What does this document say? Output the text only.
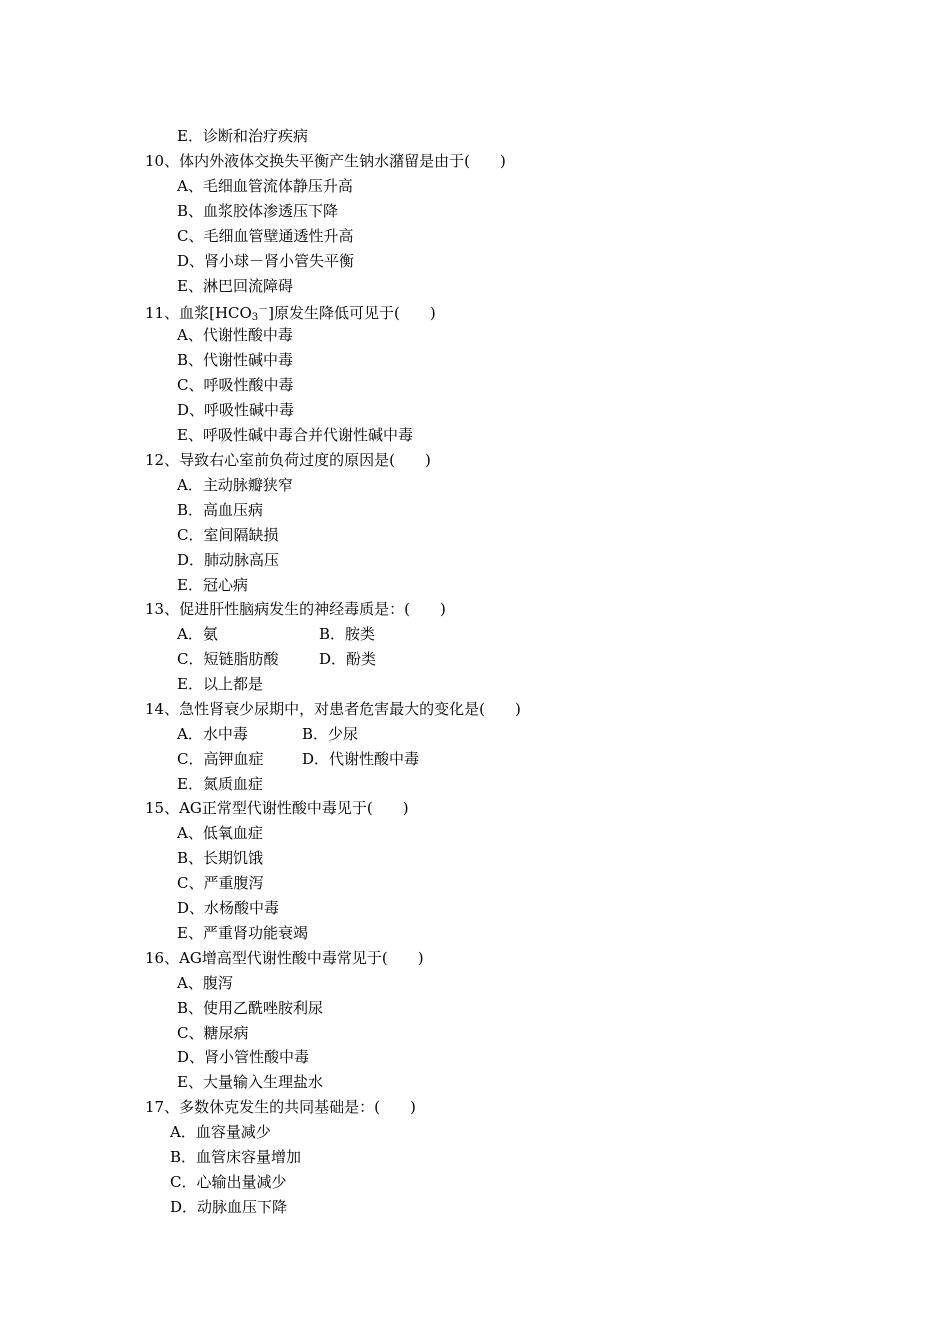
E．诊断和治疗疾病
10、体内外液体交换失平衡产生钠水潴留是由于(　　)
A、毛细血管流体静压升高
B、血浆胶体渗透压下降
C、毛细血管壁通透性升高
D、肾小球－肾小管失平衡
E、淋巴回流障碍
11、血浆$[HCO_3^-]$原发生降低可见于(　　)
A、代谢性酸中毒
B、代谢性碱中毒
C、呼吸性酸中毒
D、呼吸性碱中毒
E、呼吸性碱中毒合并代谢性碱中毒
12、导致右心室前负荷过度的原因是(　　)
A．主动脉瓣狭窄
B．高血压病
C．室间隔缺损
D．肺动脉高压
E．冠心病
13、促进肝性脑病发生的神经毒质是：(　　)
A．氨	B．胺类
C．短链脂肪酸	D．酚类
E．以上都是
14、急性肾衰少尿期中，对患者危害最大的变化是(　　)
A．水中毒	B．少尿
C．高钾血症	D．代谢性酸中毒
E．氮质血症
15、AG正常型代谢性酸中毒见于(　　)
A、低氧血症
B、长期饥饿
C、严重腹泻
D、水杨酸中毒
E、严重肾功能衰竭
16、AG增高型代谢性酸中毒常见于(　　)
A、腹泻
B、使用乙酰唑胺利尿
C、糖尿病
D、肾小管性酸中毒
E、大量输入生理盐水
17、多数休克发生的共同基础是：(　　)
A．血容量减少
B．血管床容量增加
C．心输出量减少
D．动脉血压下降
